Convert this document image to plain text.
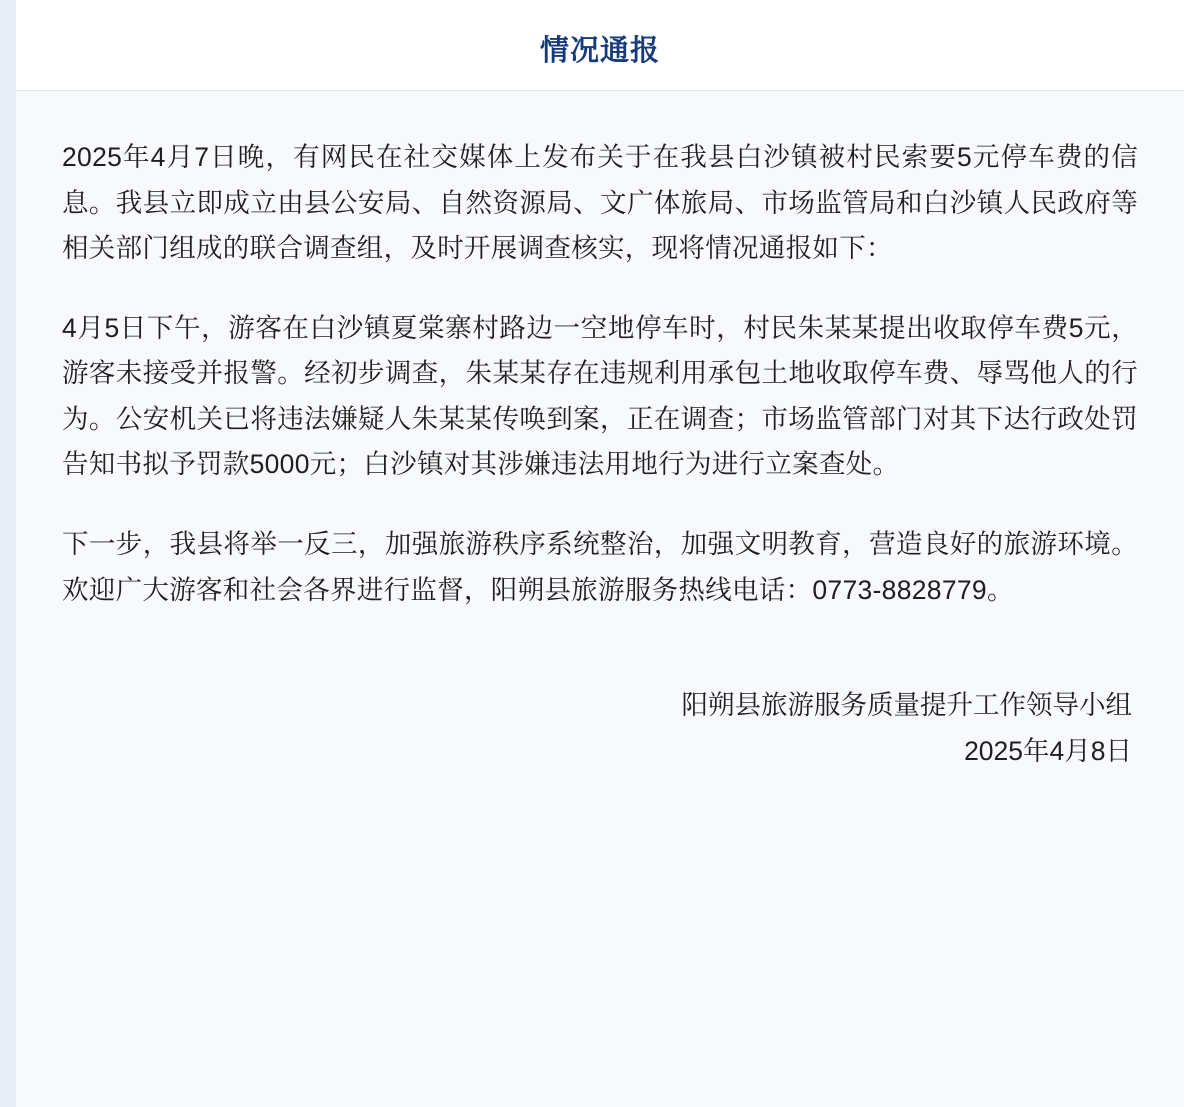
情况通报

2025年4月7日晚，有网民在社交媒体上发布关于在我县白沙镇被村民索要5元停车费的信息。我县立即成立由县公安局、自然资源局、文广体旅局、市场监管局和白沙镇人民政府等相关部门组成的联合调查组，及时开展调查核实，现将情况通报如下：

4月5日下午，游客在白沙镇夏棠寨村路边一空地停车时，村民朱某某提出收取停车费5元，游客未接受并报警。经初步调查，朱某某存在违规利用承包土地收取停车费、辱骂他人的行为。公安机关已将违法嫌疑人朱某某传唤到案，正在调查；市场监管部门对其下达行政处罚告知书拟予罚款5000元；白沙镇对其涉嫌违法用地行为进行立案查处。

下一步，我县将举一反三，加强旅游秩序系统整治，加强文明教育，营造良好的旅游环境。欢迎广大游客和社会各界进行监督，阳朔县旅游服务热线电话：0773-8828779。

阳朔县旅游服务质量提升工作领导小组
2025年4月8日
